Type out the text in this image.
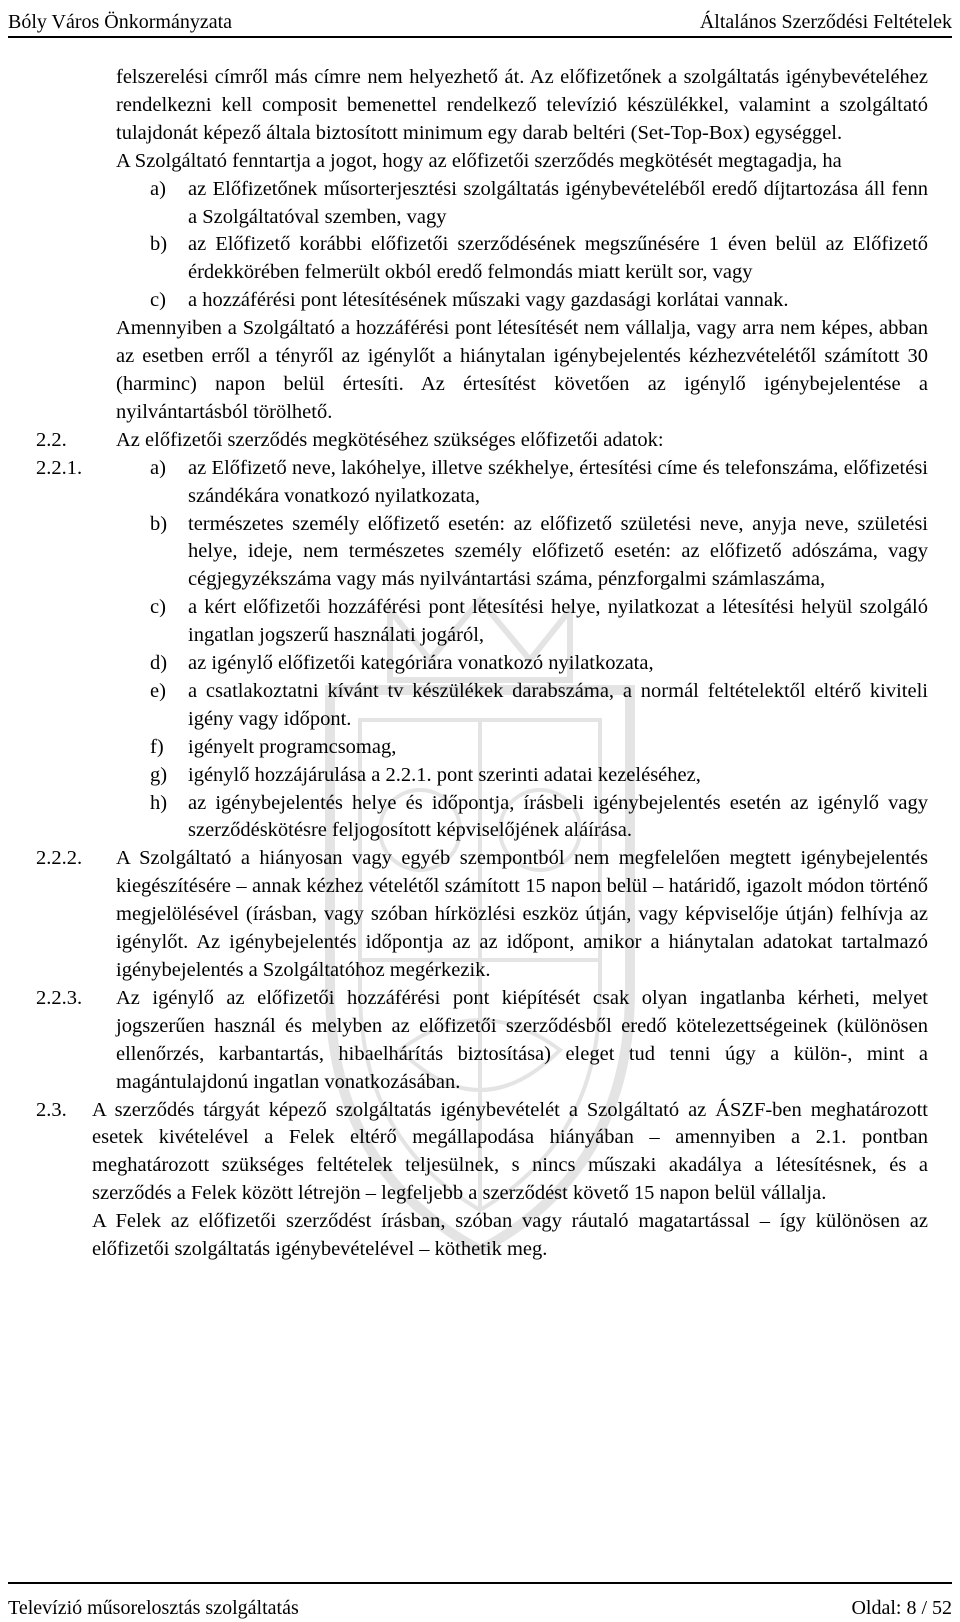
Bóly Város Önkormányzata	Általános Szerződési Feltételek
felszerelési címről más címre nem helyezhető át. Az előfizetőnek a szolgáltatás igénybevételéhez rendelkezni kell composit bemenettel rendelkező televízió készülékkel, valamint a szolgáltató tulajdonát képező általa biztosított minimum egy darab beltéri (Set-Top-Box) egységgel.
A Szolgáltató fenntartja a jogot, hogy az előfizetői szerződés megkötését megtagadja, ha
a) az Előfizetőnek műsorterjesztési szolgáltatás igénybevételéből eredő díjtartozása áll fenn a Szolgáltatóval szemben, vagy
b) az Előfizető korábbi előfizetői szerződésének megszűnésére 1 éven belül az Előfizető érdekkörében felmerült okból eredő felmondás miatt került sor, vagy
c) a hozzáférési pont létesítésének műszaki vagy gazdasági korlátai vannak.
Amennyiben a Szolgáltató a hozzáférési pont létesítését nem vállalja, vagy arra nem képes, abban az esetben erről a tényről az igénylőt a hiánytalan igénybejelentés kézhezvételétől számított 30 (harminc) napon belül értesíti. Az értesítést követően az igénylő igénybejelentése a nyilvántartásból törölhető.
2.2. Az előfizetői szerződés megkötéséhez szükséges előfizetői adatok:
2.2.1.	a) az Előfizető neve, lakóhelye, illetve székhelye, értesítési címe és telefonszáma, előfizetési szándékára vonatkozó nyilatkozata,
b) természetes személy előfizető esetén: az előfizető születési neve, anyja neve, születési helye, ideje, nem természetes személy előfizető esetén: az előfizető adószáma, vagy cégjegyzékszáma vagy más nyilvántartási száma, pénzforgalmi számlaszáma,
c) a kért előfizetői hozzáférési pont létesítési helye, nyilatkozat a létesítési helyül szolgáló ingatlan jogszerű használati jogáról,
d) az igénylő előfizetői kategóriára vonatkozó nyilatkozata,
e) a csatlakoztatni kívánt tv készülékek darabszáma, a normál feltételektől eltérő kiviteli igény vagy időpont.
f) igényelt programcsomag,
g) igénylő hozzájárulása a 2.2.1. pont szerinti adatai kezeléséhez,
h) az igénybejelentés helye és időpontja, írásbeli igénybejelentés esetén az igénylő vagy szerződéskötésre feljogosított képviselőjének aláírása.
2.2.2. A Szolgáltató a hiányosan vagy egyéb szempontból nem megfelelően megtett igénybejelentés kiegészítésére – annak kézhez vételétől számított 15 napon belül – határidő, igazolt módon történő megjelölésével (írásban, vagy szóban hírközlési eszköz útján, vagy képviselője útján) felhívja az igénylőt. Az igénybejelentés időpontja az az időpont, amikor a hiánytalan adatokat tartalmazó igénybejelentés a Szolgáltatóhoz megérkezik.
2.2.3. Az igénylő az előfizetői hozzáférési pont kiépítését csak olyan ingatlanba kérheti, melyet jogszerűen használ és melyben az előfizetői szerződésből eredő kötelezettségeinek (különösen ellenőrzés, karbantartás, hibaelhárítás biztosítása) eleget tud tenni úgy a külön-, mint a magántulajdonú ingatlan vonatkozásában.
2.3. A szerződés tárgyát képező szolgáltatás igénybevételét a Szolgáltató az ÁSZF-ben meghatározott esetek kivételével a Felek eltérő megállapodása hiányában – amennyiben a 2.1. pontban meghatározott szükséges feltételek teljesülnek, s nincs műszaki akadálya a létesítésnek, és a szerződés a Felek között létrejön – legfeljebb a szerződést követő 15 napon belül vállalja.
A Felek az előfizetői szerződést írásban, szóban vagy ráutaló magatartással – így különösen az előfizetői szolgáltatás igénybevételével – köthetik meg.
Televízió műsorelosztás szolgáltatás	Oldal: 8 / 52
